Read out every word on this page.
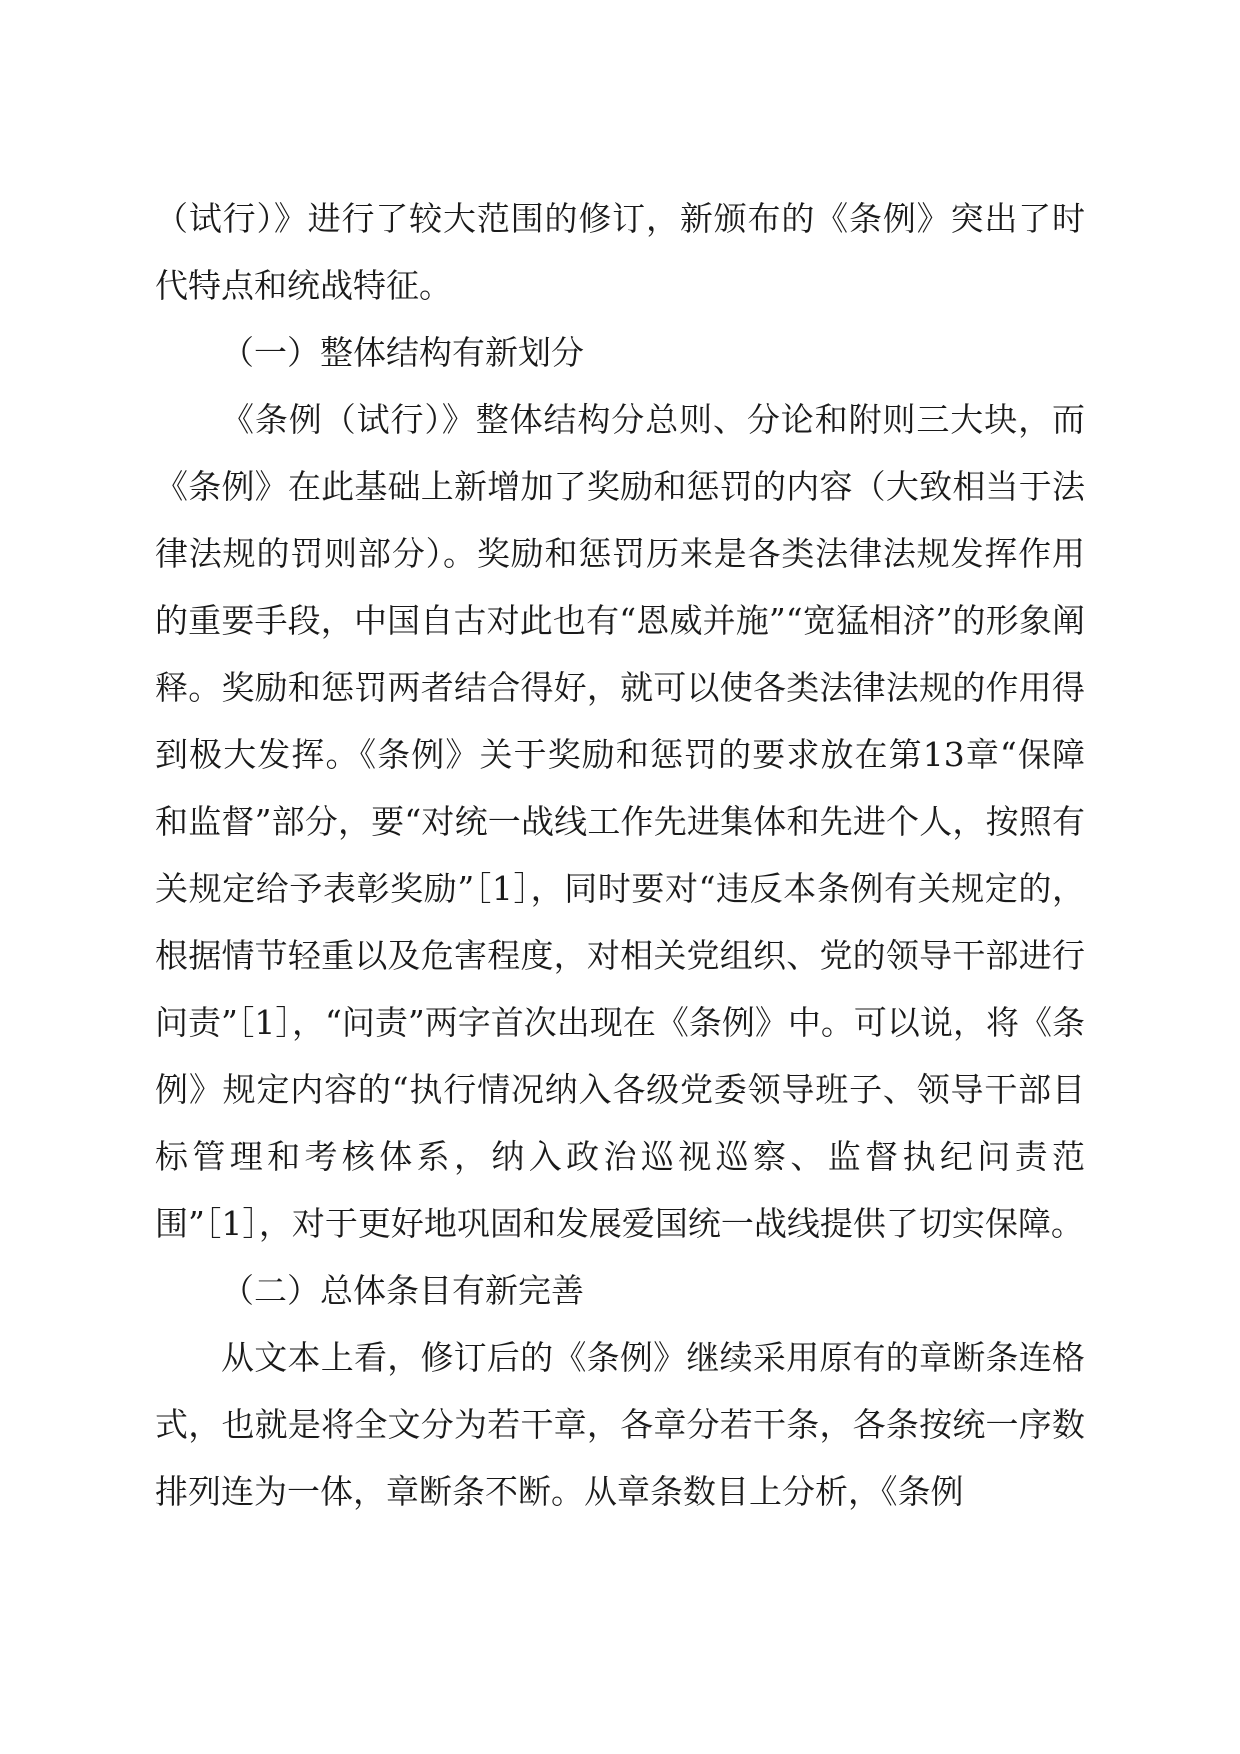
（试行）》进行了较大范围的修订，新颁布的《条例》突出了时代特点和统战特征。

（一）整体结构有新划分

《条例（试行）》整体结构分总则、分论和附则三大块，而《条例》在此基础上新增加了奖励和惩罚的内容（大致相当于法律法规的罚则部分）。奖励和惩罚历来是各类法律法规发挥作用的重要手段，中国自古对此也有“恩威并施”“宽猛相济”的形象阐释。奖励和惩罚两者结合得好，就可以使各类法律法规的作用得到极大发挥。《条例》关于奖励和惩罚的要求放在第13章“保障和监督”部分，要“对统一战线工作先进集体和先进个人，按照有关规定给予表彰奖励”［1］，同时要对“违反本条例有关规定的，根据情节轻重以及危害程度，对相关党组织、党的领导干部进行问责”［1］，“问责”两字首次出现在《条例》中。可以说，将《条例》规定内容的“执行情况纳入各级党委领导班子、领导干部目标管理和考核体系，纳入政治巡视巡察、监督执纪问责范围”［1］，对于更好地巩固和发展爱国统一战线提供了切实保障。

（二）总体条目有新完善

从文本上看，修订后的《条例》继续采用原有的章断条连格式，也就是将全文分为若干章，各章分若干条，各条按统一序数排列连为一体，章断条不断。从章条数目上分析，《条例
